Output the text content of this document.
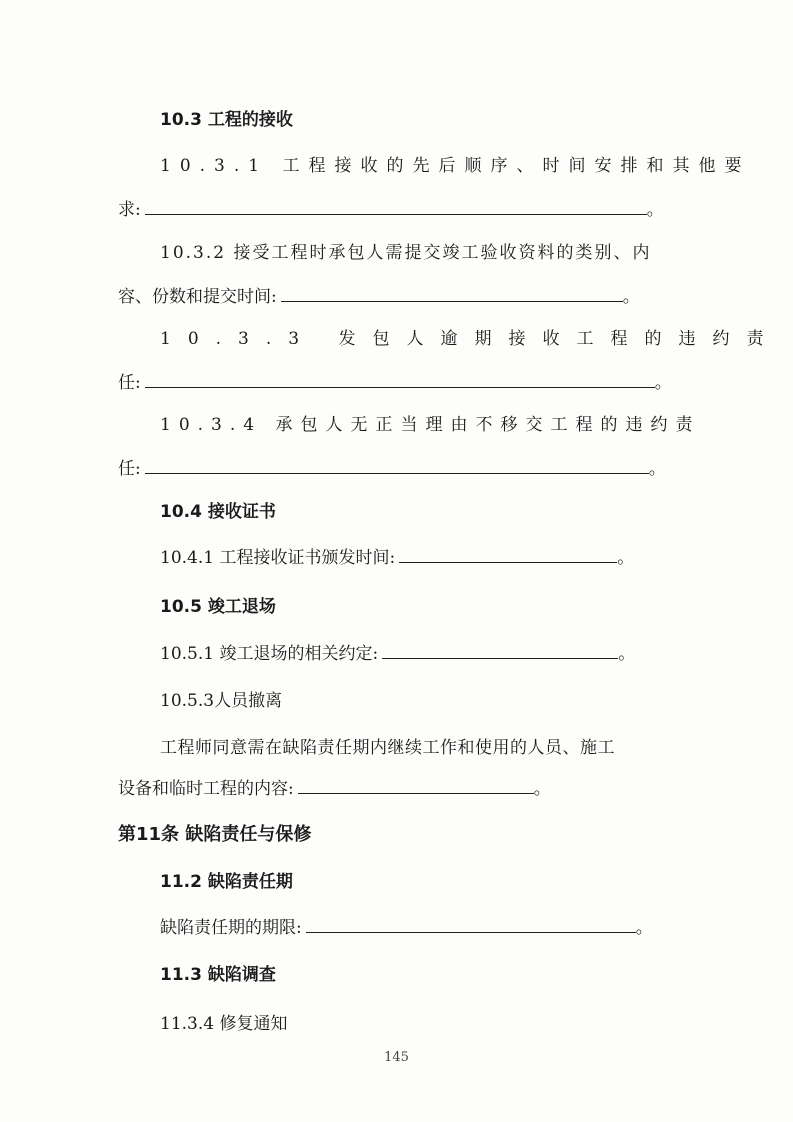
10.3 工程的接收
10.3.1 工程接收的先后顺序、时间安排和其他要
求:	。
10.3.2 接受工程时承包人需提交竣工验收资料的类别、内
容、份数和提交时间:	。
10.3.3 发包人逾期接收工程的违约责
任:	。
10.3.4 承包人无正当理由不移交工程的违约责
任:	。
10.4 接收证书
10.4.1 工程接收证书颁发时间:	。
10.5 竣工退场
10.5.1 竣工退场的相关约定:	。
10.5.3人员撤离
工程师同意需在缺陷责任期内继续工作和使用的人员、施工
设备和临时工程的内容:	。
第11条 缺陷责任与保修
11.2 缺陷责任期
缺陷责任期的期限:	。
11.3 缺陷调查
11.3.4 修复通知
145
